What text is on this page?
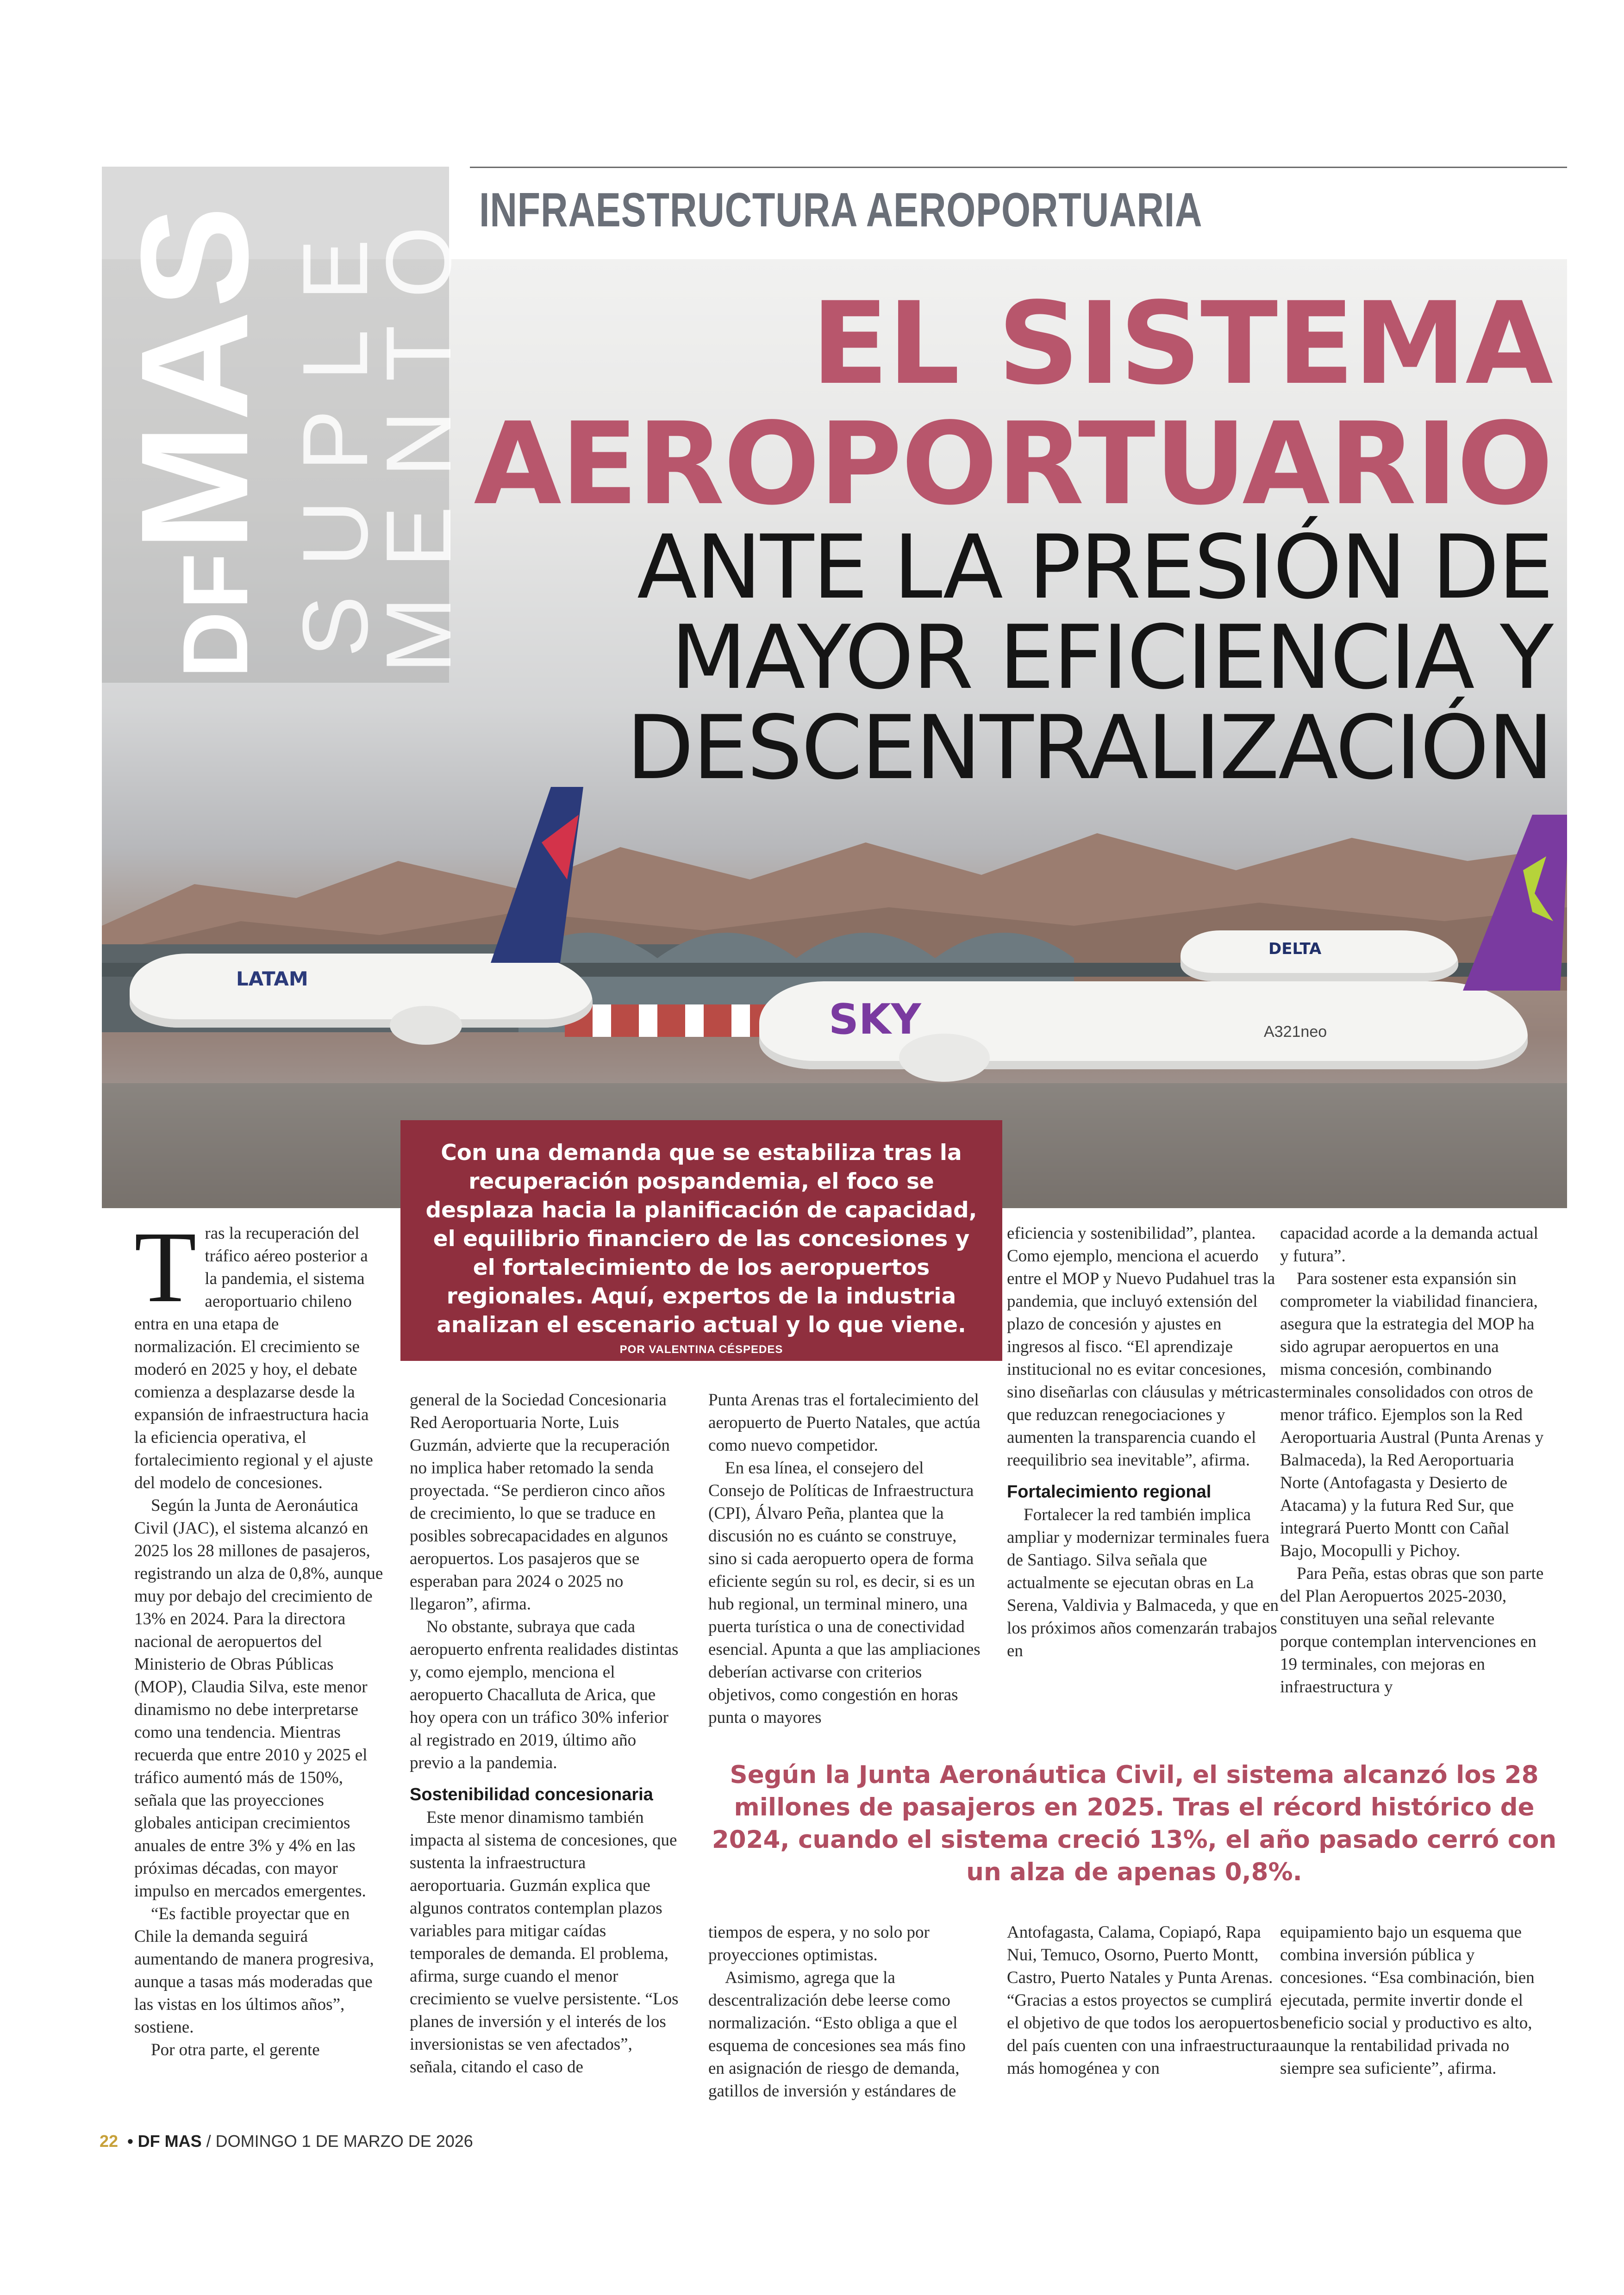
INFRAESTRUCTURA AEROPORTUARIA
LATAM
DELTA
SKY	A321neo
DFMAS SUPLE
MENTO	EL SISTEMA
AEROPORTUARIO
ANTE LA PRESIÓN DE
MAYOR EFICIENCIA Y
DESCENTRALIZACIÓN
Con una demanda que se estabiliza tras la recuperación pospandemia, el foco se desplaza hacia la planificación de capacidad, el equilibrio financiero de las concesiones y el fortalecimiento de los aeropuertos regionales. Aquí, expertos de la industria analizan el escenario actual y lo que viene.
POR VALENTINA CÉSPEDES
T ras la recuperación del tráfico aéreo posterior a la pandemia, el sistema aeroportuario chileno entra en una etapa de normalización. El crecimiento se moderó en 2025 y hoy, el debate comienza a desplazarse desde la expansión de infraestructura hacia la eficiencia operativa, el fortalecimiento regional y el ajuste del modelo de concesiones.

Según la Junta de Aeronáutica Civil (JAC), el sistema alcanzó en 2025 los 28 millones de pasajeros, registrando un alza de 0,8%, aunque muy por debajo del crecimiento de 13% en 2024. Para la directora nacional de aeropuertos del Ministerio de Obras Públicas (MOP), Claudia Silva, este menor dinamismo no debe interpretarse como una tendencia. Mientras recuerda que entre 2010 y 2025 el tráfico aumentó más de 150%, señala que las proyecciones globales anticipan crecimientos anuales de entre 3% y 4% en las próximas décadas, con mayor impulso en mercados emergentes.

“Es factible proyectar que en Chile la demanda seguirá aumentando de manera progresiva, aunque a tasas más moderadas que las vistas en los últimos años”, sostiene.

Por otra parte, el gerente

general de la Sociedad Concesionaria Red Aeroportuaria Norte, Luis Guzmán, advierte que la recuperación no implica haber retomado la senda proyectada. “Se perdieron cinco años de crecimiento, lo que se traduce en posibles sobrecapacidades en algunos aeropuertos. Los pasajeros que se esperaban para 2024 o 2025 no llegaron”, afirma.

No obstante, subraya que cada aeropuerto enfrenta realidades distintas y, como ejemplo, menciona el aeropuerto Chacalluta de Arica, que hoy opera con un tráfico 30% inferior al registrado en 2019, último año previo a la pandemia.

Sostenibilidad concesionaria

Este menor dinamismo también impacta al sistema de concesiones, que sustenta la infraestructura aeroportuaria. Guzmán explica que algunos contratos contemplan plazos variables para mitigar caídas temporales de demanda. El problema, afirma, surge cuando el menor crecimiento se vuelve persistente. “Los planes de inversión y el interés de los inversionistas se ven afectados”, señala, citando el caso de

Punta Arenas tras el fortalecimiento del aeropuerto de Puerto Natales, que actúa como nuevo competidor.

En esa línea, el consejero del Consejo de Políticas de Infraestructura (CPI), Álvaro Peña, plantea que la discusión no es cuánto se construye, sino si cada aeropuerto opera de forma eficiente según su rol, es decir, si es un hub regional, un terminal minero, una puerta turística o una de conectividad esencial. Apunta a que las ampliaciones deberían activarse con criterios objetivos, como congestión en horas punta o mayores

tiempos de espera, y no solo por proyecciones optimistas.

Asimismo, agrega que la descentralización debe leerse como normalización. “Esto obliga a que el esquema de concesiones sea más fino en asignación de riesgo de demanda, gatillos de inversión y estándares de

eficiencia y sostenibilidad”, plantea. Como ejemplo, menciona el acuerdo entre el MOP y Nuevo Pudahuel tras la pandemia, que incluyó extensión del plazo de concesión y ajustes en ingresos al fisco. “El aprendizaje institucional no es evitar concesiones, sino diseñarlas con cláusulas y métricas que reduzcan renegociaciones y aumenten la transparencia cuando el reequilibrio sea inevitable”, afirma.

Fortalecimiento regional

Fortalecer la red también implica ampliar y modernizar terminales fuera de Santiago. Silva señala que actualmente se ejecutan obras en La Serena, Valdivia y Balmaceda, y que en los próximos años comenzarán trabajos en

Antofagasta, Calama, Copiapó, Rapa Nui, Temuco, Osorno, Puerto Montt, Castro, Puerto Natales y Punta Arenas. “Gracias a estos proyectos se cumplirá el objetivo de que todos los aeropuertos del país cuenten con una infraestructura más homogénea y con

capacidad acorde a la demanda actual y futura”.

Para sostener esta expansión sin comprometer la viabilidad financiera, asegura que la estrategia del MOP ha sido agrupar aeropuertos en una misma concesión, combinando terminales consolidados con otros de menor tráfico. Ejemplos son la Red Aeroportuaria Austral (Punta Arenas y Balmaceda), la Red Aeroportuaria Norte (Antofagasta y Desierto de Atacama) y la futura Red Sur, que integrará Puerto Montt con Cañal Bajo, Mocopulli y Pichoy.

Para Peña, estas obras que son parte del Plan Aeropuertos 2025-2030, constituyen una señal relevante porque contemplan intervenciones en 19 terminales, con mejoras en infraestructura y

equipamiento bajo un esquema que combina inversión pública y concesiones. “Esa combinación, bien ejecutada, permite invertir donde el beneficio social y productivo es alto, aunque la rentabilidad privada no siempre sea suficiente”, afirma.

Según la Junta Aeronáutica Civil, el sistema alcanzó los 28 millones de pasajeros en 2025. Tras el récord histórico de 2024, cuando el sistema creció 13%, el año pasado cerró con un alza de apenas 0,8%.
22 • DF MAS / DOMINGO 1 DE MARZO DE 2026
